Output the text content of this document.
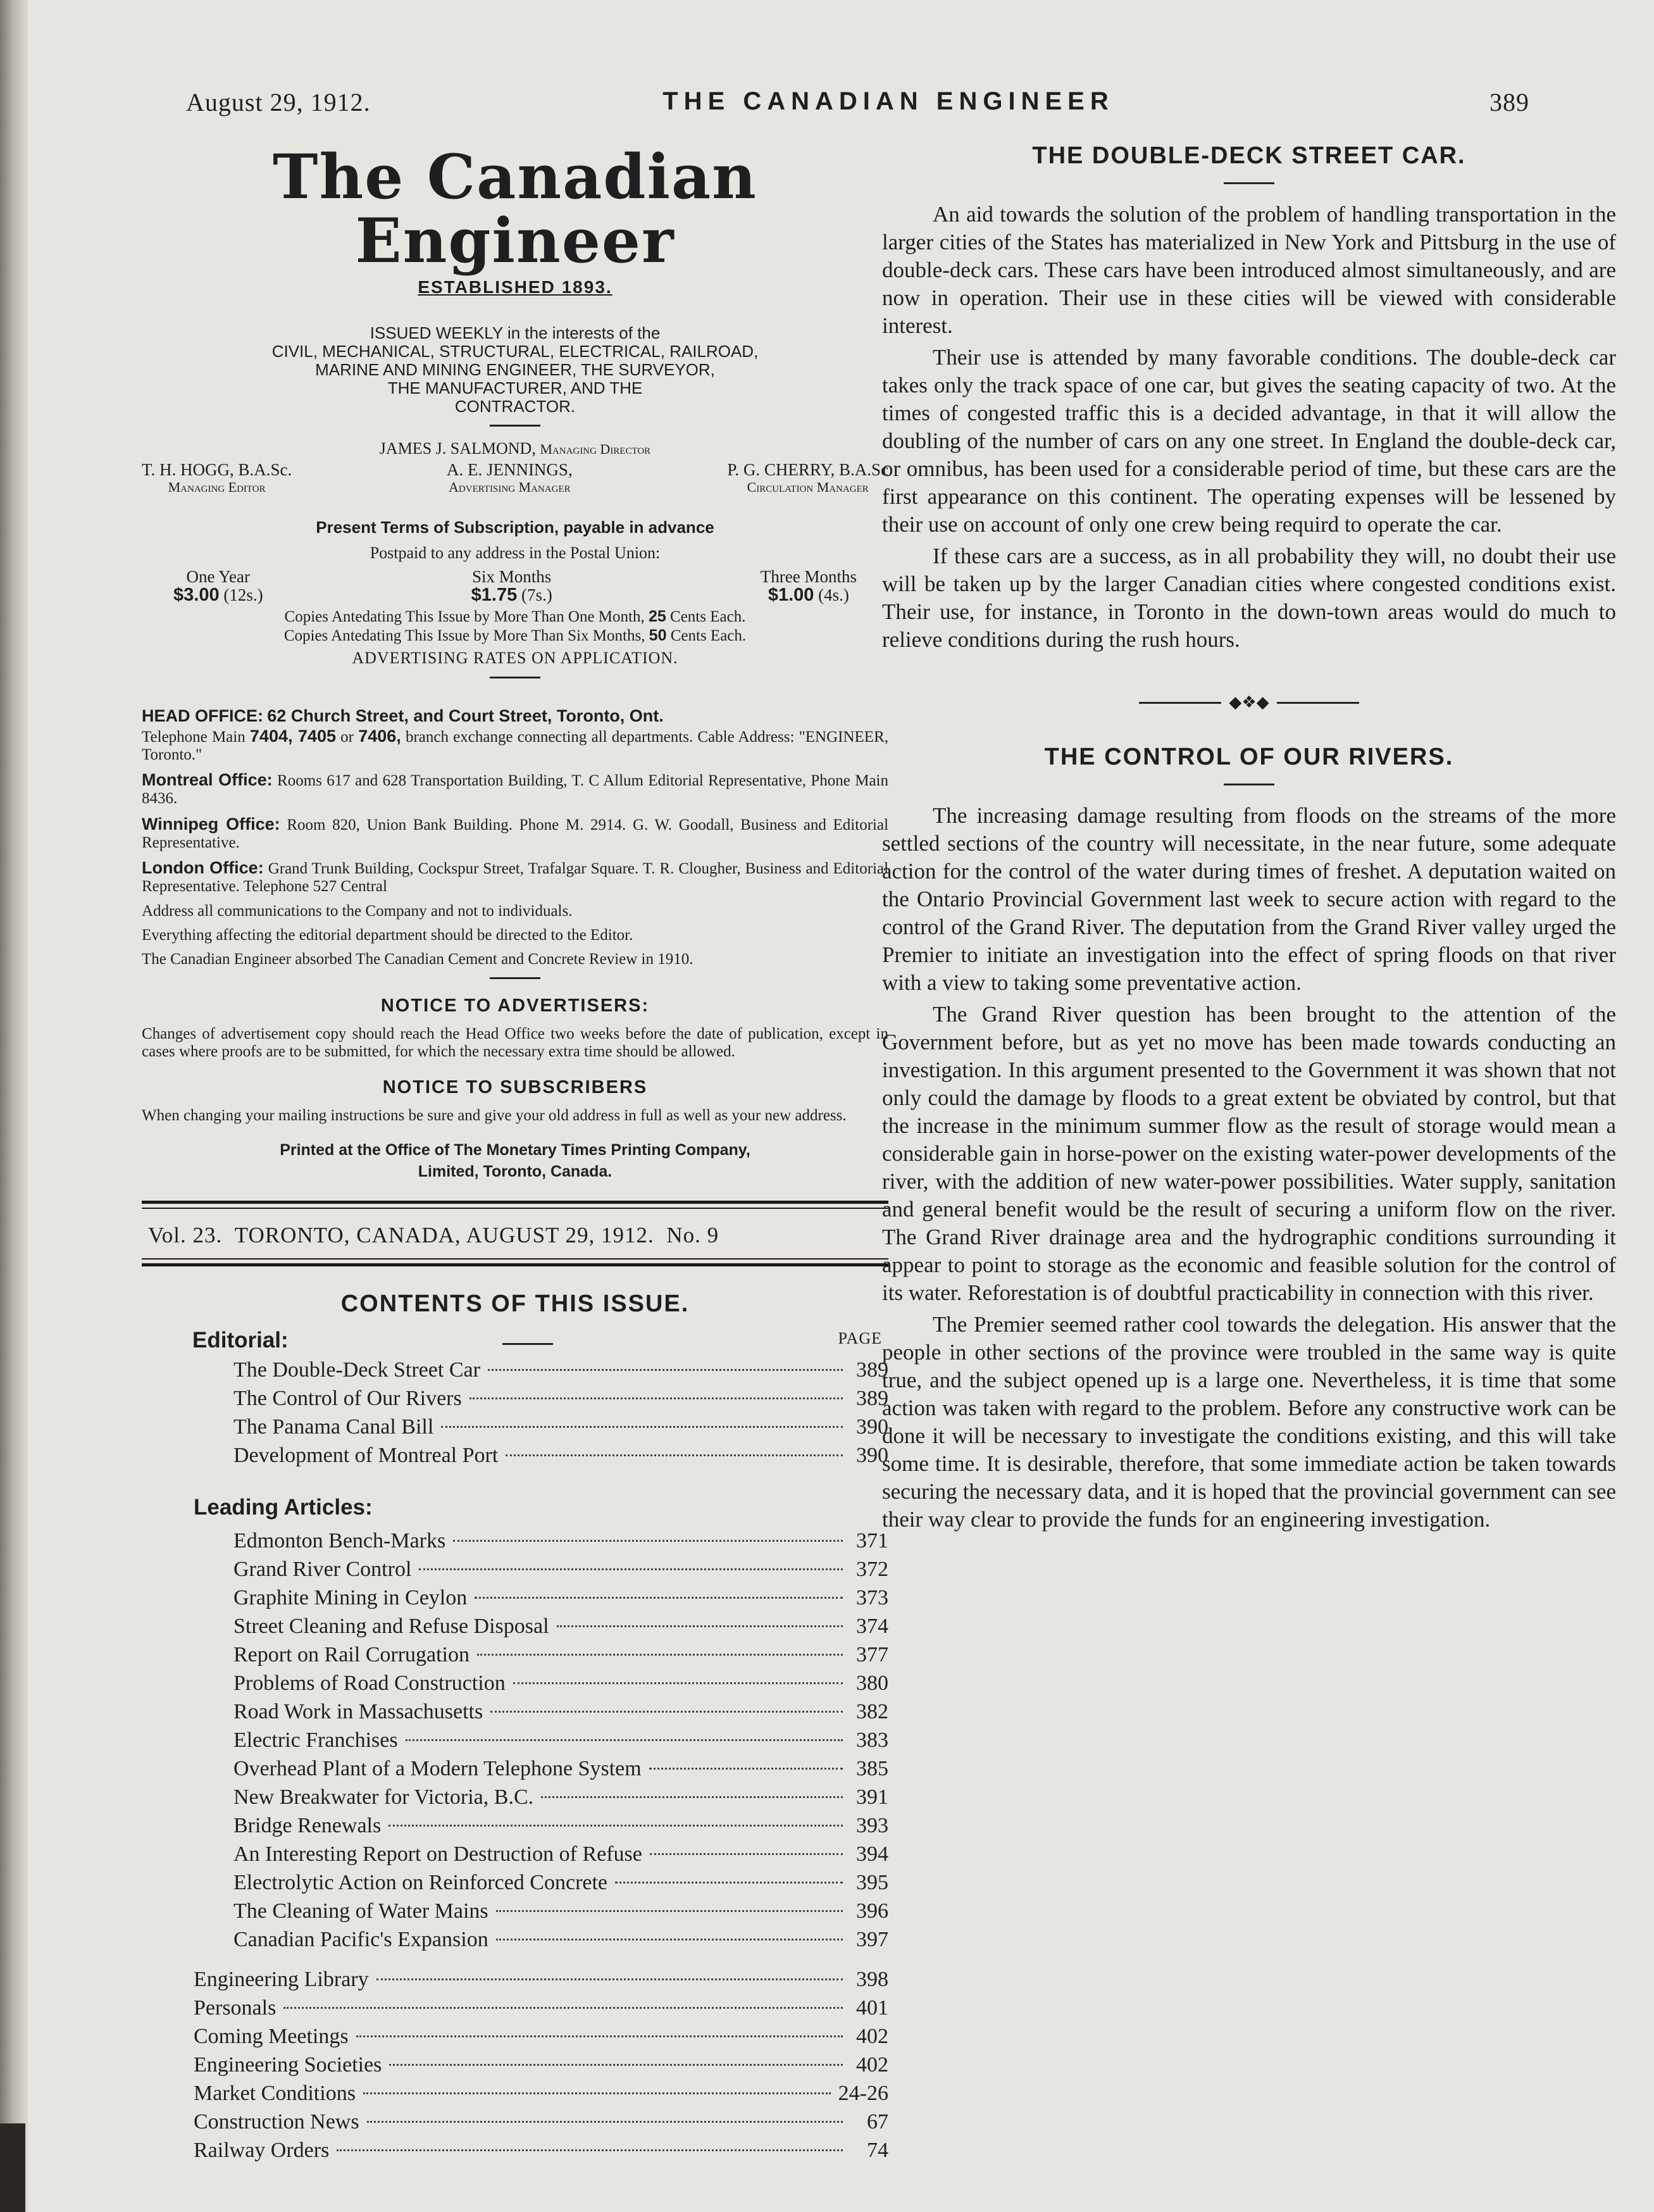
August 29, 1912.	THE CANADIAN ENGINEER	389
The Canadian Engineer
ESTABLISHED 1893.
ISSUED WEEKLY in the interests of the
CIVIL, MECHANICAL, STRUCTURAL, ELECTRICAL, RAILROAD,
MARINE AND MINING ENGINEER, THE SURVEYOR,
THE MANUFACTURER, AND THE
CONTRACTOR.
JAMES J. SALMOND, Managing Director
T. H. HOGG, B.A.Sc.
Managing Editor
A. E. JENNINGS,
Advertising Manager
P. G. CHERRY, B.A.Sc
Circulation Manager
Present Terms of Subscription, payable in advance
Postpaid to any address in the Postal Union:
One Year
$3.00 (12s.)
Six Months
$1.75 (7s.)
Three Months
$1.00 (4s.)
Copies Antedating This Issue by More Than One Month, 25 Cents Each.
Copies Antedating This Issue by More Than Six Months, 50 Cents Each.
ADVERTISING RATES ON APPLICATION.

HEAD OFFICE: 62 Church Street, and Court Street, Toronto, Ont.
Telephone Main 7404, 7405 or 7406, branch exchange connecting all departments. Cable Address: "ENGINEER, Toronto."

Montreal Office: Rooms 617 and 628 Transportation Building, T. C Allum Editorial Representative, Phone Main 8436.

Winnipeg Office: Room 820, Union Bank Building. Phone M. 2914. G. W. Goodall, Business and Editorial Representative.

London Office: Grand Trunk Building, Cockspur Street, Trafalgar Square. T. R. Clougher, Business and Editorial Representative. Telephone 527 Central

Address all communications to the Company and not to individuals.

Everything affecting the editorial department should be directed to the Editor.

The Canadian Engineer absorbed The Canadian Cement and Concrete Review in 1910.

NOTICE TO ADVERTISERS:
Changes of advertisement copy should reach the Head Office two weeks before the date of publication, except in cases where proofs are to be submitted, for which the necessary extra time should be allowed.
NOTICE TO SUBSCRIBERS
When changing your mailing instructions be sure and give your old address in full as well as your new address.
Printed at the Office of The Monetary Times Printing Company,
Limited, Toronto, Canada.
Vol. 23. TORONTO, CANADA, AUGUST 29, 1912. No. 9
CONTENTS OF THIS ISSUE.
Editorial:	PAGE
The Double-Deck Street Car	389
The Control of Our Rivers	389
The Panama Canal Bill	390
Development of Montreal Port	390
Leading Articles:
Edmonton Bench-Marks	371
Grand River Control	372
Graphite Mining in Ceylon	373
Street Cleaning and Refuse Disposal	374
Report on Rail Corrugation	377
Problems of Road Construction	380
Road Work in Massachusetts	382
Electric Franchises	383
Overhead Plant of a Modern Telephone System	385
New Breakwater for Victoria, B.C.	391
Bridge Renewals	393
An Interesting Report on Destruction of Refuse	394
Electrolytic Action on Reinforced Concrete	395
The Cleaning of Water Mains	396
Canadian Pacific's Expansion	397
Engineering Library	398
Personals	401
Coming Meetings	402
Engineering Societies	402
Market Conditions	24-26
Construction News	67
Railway Orders	74
THE DOUBLE-DECK STREET CAR.

An aid towards the solution of the problem of handling transportation in the larger cities of the States has materialized in New York and Pittsburg in the use of double-deck cars. These cars have been introduced almost simultaneously, and are now in operation. Their use in these cities will be viewed with considerable interest.

Their use is attended by many favorable conditions. The double-deck car takes only the track space of one car, but gives the seating capacity of two. At the times of congested traffic this is a decided advantage, in that it will allow the doubling of the number of cars on any one street. In England the double-deck car, or omnibus, has been used for a considerable period of time, but these cars are the first appearance on this continent. The operating expenses will be lessened by their use on account of only one crew being requird to operate the car.

If these cars are a success, as in all probability they will, no doubt their use will be taken up by the larger Canadian cities where congested conditions exist. Their use, for instance, in Toronto in the down-town areas would do much to relieve conditions during the rush hours.

◆❖◆
THE CONTROL OF OUR RIVERS.

The increasing damage resulting from floods on the streams of the more settled sections of the country will necessitate, in the near future, some adequate action for the control of the water during times of freshet. A deputation waited on the Ontario Provincial Government last week to secure action with regard to the control of the Grand River. The deputation from the Grand River valley urged the Premier to initiate an investigation into the effect of spring floods on that river with a view to taking some preventative action.

The Grand River question has been brought to the attention of the Government before, but as yet no move has been made towards conducting an investigation. In this argument presented to the Government it was shown that not only could the damage by floods to a great extent be obviated by control, but that the increase in the minimum summer flow as the result of storage would mean a considerable gain in horse-power on the existing water-power developments of the river, with the addition of new water-power possibilities. Water supply, sanitation and general benefit would be the result of securing a uniform flow on the river. The Grand River drainage area and the hydrographic conditions surrounding it appear to point to storage as the economic and feasible solution for the control of its water. Reforestation is of doubtful practicability in connection with this river.

The Premier seemed rather cool towards the delegation. His answer that the people in other sections of the province were troubled in the same way is quite true, and the subject opened up is a large one. Nevertheless, it is time that some action was taken with regard to the problem. Before any constructive work can be done it will be necessary to investigate the conditions existing, and this will take some time. It is desirable, therefore, that some immediate action be taken towards securing the necessary data, and it is hoped that the provincial government can see their way clear to provide the funds for an engineering investigation.
